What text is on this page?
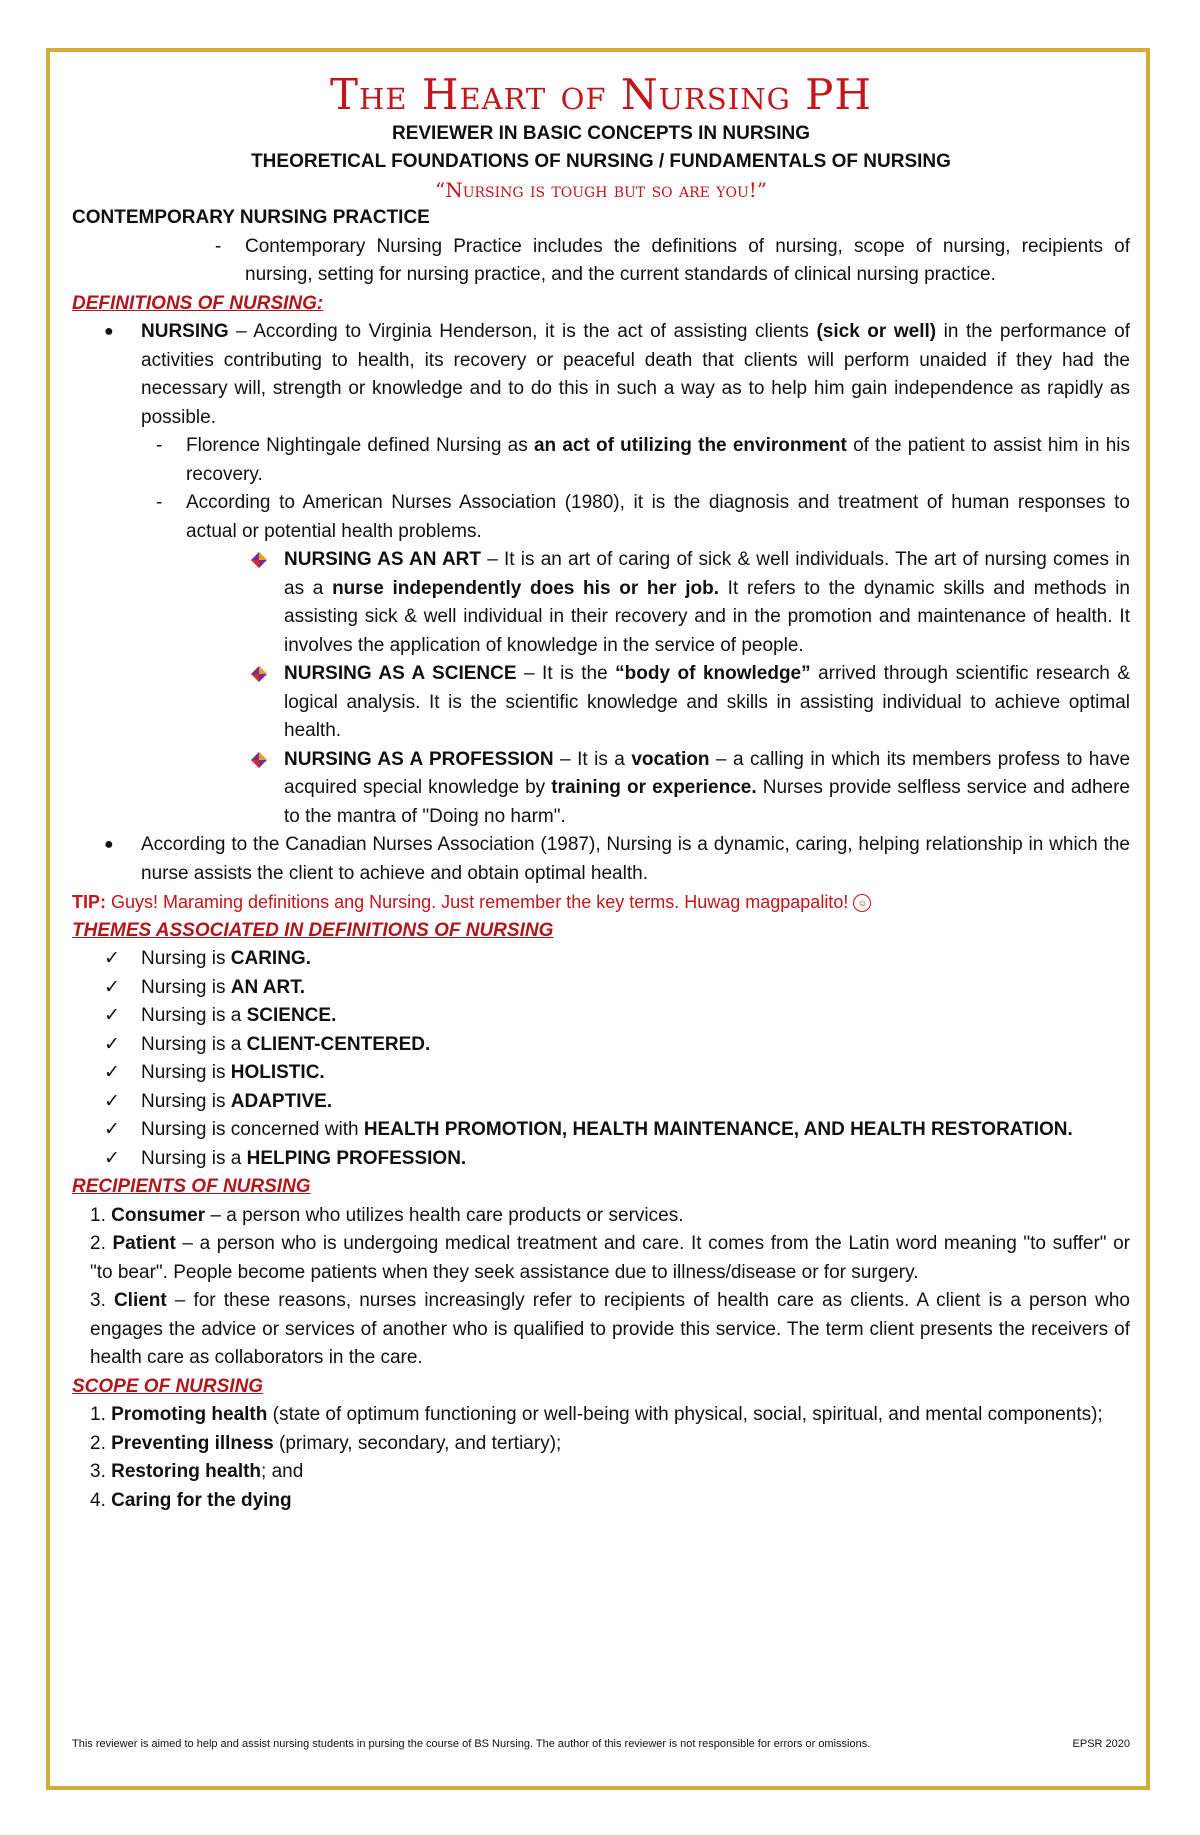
The Heart of Nursing PH

REVIEWER IN BASIC CONCEPTS IN NURSING

THEORETICAL FOUNDATIONS OF NURSING / FUNDAMENTALS OF NURSING

“Nursing is tough but so are you!”

CONTEMPORARY NURSING PRACTICE

- Contemporary Nursing Practice includes the definitions of nursing, scope of nursing, recipients of nursing, setting for nursing practice, and the current standards of clinical nursing practice.

DEFINITIONS OF NURSING:

● NURSING – According to Virginia Henderson, it is the act of assisting clients (sick or well) in the performance of activities contributing to health, its recovery or peaceful death that clients will perform unaided if they had the necessary will, strength or knowledge and to do this in such a way as to help him gain independence as rapidly as possible.

- Florence Nightingale defined Nursing as an act of utilizing the environment of the patient to assist him in his recovery.

- According to American Nurses Association (1980), it is the diagnosis and treatment of human responses to actual or potential health problems.

NURSING AS AN ART – It is an art of caring of sick & well individuals. The art of nursing comes in as a nurse independently does his or her job. It refers to the dynamic skills and methods in assisting sick & well individual in their recovery and in the promotion and maintenance of health. It involves the application of knowledge in the service of people.

NURSING AS A SCIENCE – It is the “body of knowledge” arrived through scientific research & logical analysis. It is the scientific knowledge and skills in assisting individual to achieve optimal health.

NURSING AS A PROFESSION – It is a vocation – a calling in which its members profess to have acquired special knowledge by training or experience. Nurses provide selfless service and adhere to the mantra of "Doing no harm".

● According to the Canadian Nurses Association (1987), Nursing is a dynamic, caring, helping relationship in which the nurse assists the client to achieve and obtain optimal health.

TIP: Guys! Maraming definitions ang Nursing. Just remember the key terms. Huwag magpapalito! ☺

THEMES ASSOCIATED IN DEFINITIONS OF NURSING

✓ Nursing is CARING.

✓ Nursing is AN ART.

✓ Nursing is a SCIENCE.

✓ Nursing is a CLIENT-CENTERED.

✓ Nursing is HOLISTIC.

✓ Nursing is ADAPTIVE.

✓ Nursing is concerned with HEALTH PROMOTION, HEALTH MAINTENANCE, AND HEALTH RESTORATION.

✓ Nursing is a HELPING PROFESSION.

RECIPIENTS OF NURSING

1. Consumer – a person who utilizes health care products or services.

2. Patient – a person who is undergoing medical treatment and care. It comes from the Latin word meaning "to suffer" or "to bear". People become patients when they seek assistance due to illness/disease or for surgery.

3. Client – for these reasons, nurses increasingly refer to recipients of health care as clients. A client is a person who engages the advice or services of another who is qualified to provide this service. The term client presents the receivers of health care as collaborators in the care.

SCOPE OF NURSING

1. Promoting health (state of optimum functioning or well-being with physical, social, spiritual, and mental components);

2. Preventing illness (primary, secondary, and tertiary);

3. Restoring health; and

4. Caring for the dying

This reviewer is aimed to help and assist nursing students in pursing the course of BS Nursing. The author of this reviewer is not responsible for errors or omissions.	EPSR 2020
